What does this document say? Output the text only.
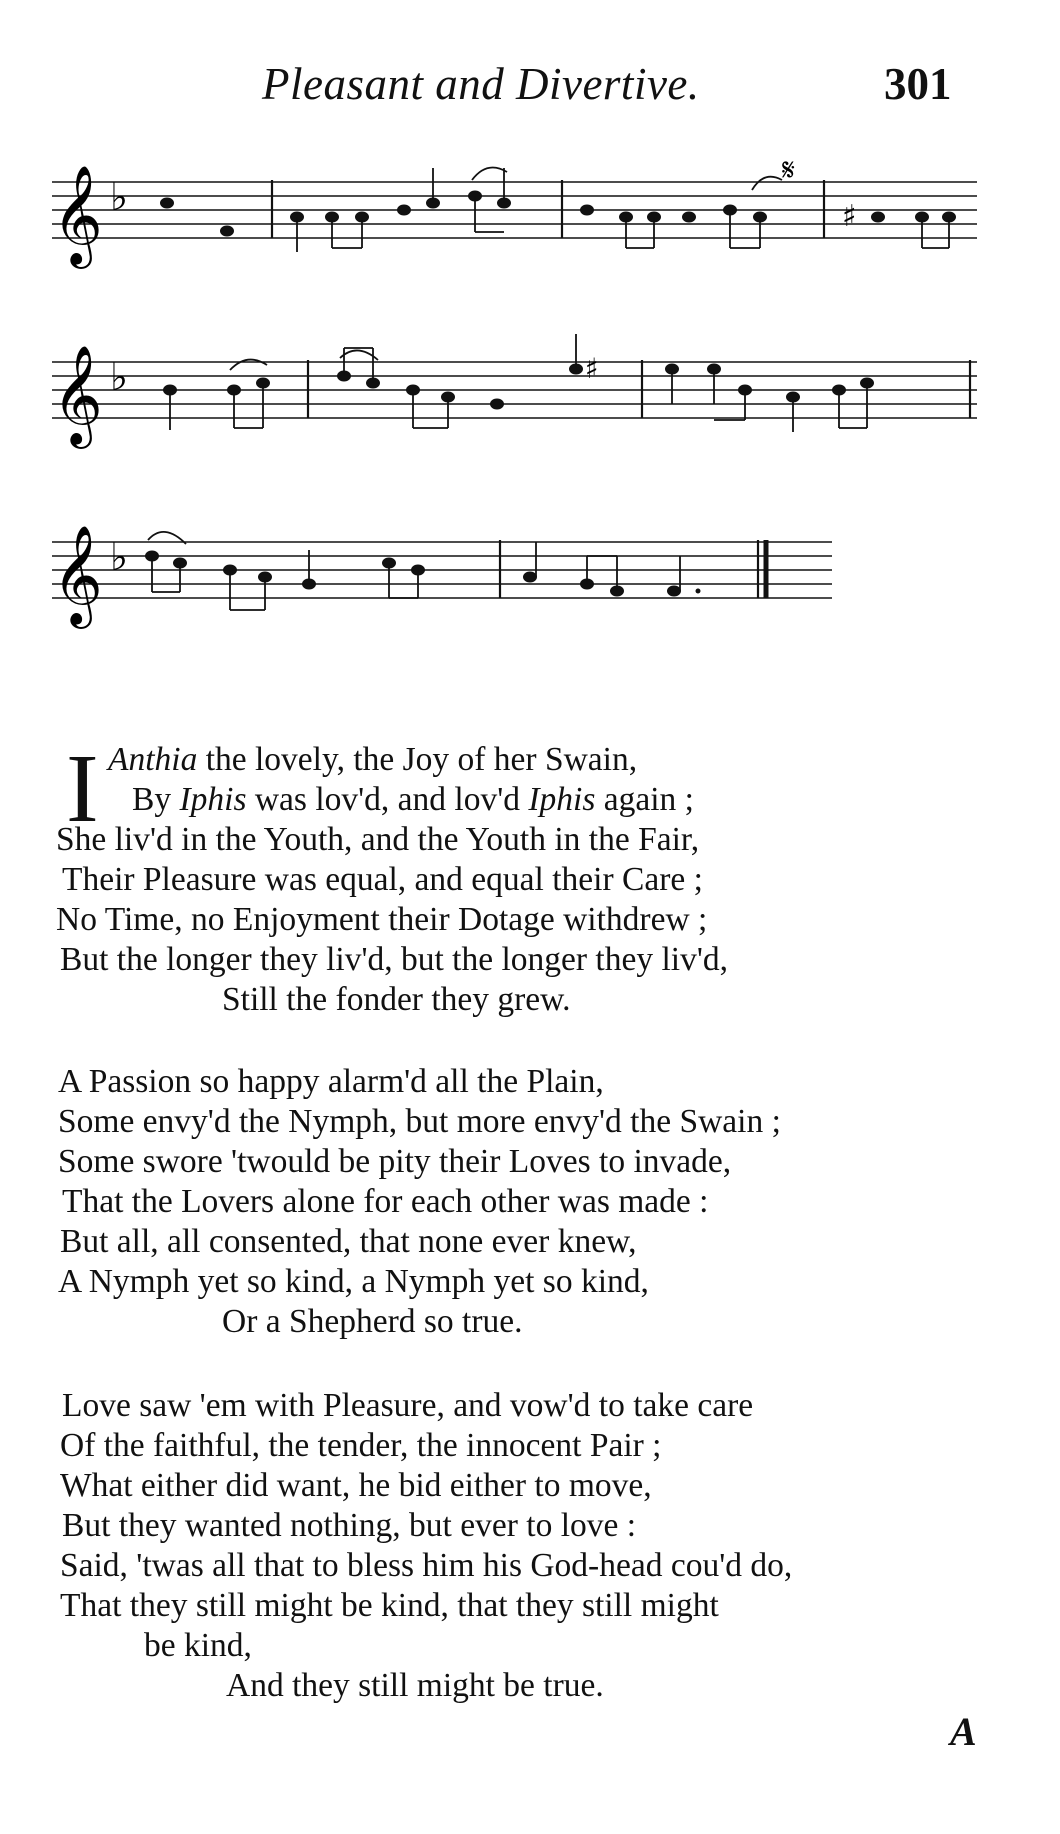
Pleasant and Divertive.	301
𝄞 ♭
𝄋
♯
𝄞 ♭	♯
𝄞 ♭
I Anthia the lovely, the Joy of her Swain,
By Iphis was lov'd, and lov'd Iphis again ;
She liv'd in the Youth, and the Youth in the Fair,
Their Pleasure was equal, and equal their Care ;
No Time, no Enjoyment their Dotage withdrew ;
But the longer they liv'd, but the longer they liv'd,
Still the fonder they grew.
A Passion so happy alarm'd all the Plain,
Some envy'd the Nymph, but more envy'd the Swain ;
Some swore 'twould be pity their Loves to invade,
That the Lovers alone for each other was made :
But all, all consented, that none ever knew,
A Nymph yet so kind, a Nymph yet so kind,
Or a Shepherd so true.
Love saw 'em with Pleasure, and vow'd to take care
Of the faithful, the tender, the innocent Pair ;
What either did want, he bid either to move,
But they wanted nothing, but ever to love :
Said, 'twas all that to bless him his God-head cou'd do,
That they still might be kind, that they still might
be kind,
And they still might be true.
A
